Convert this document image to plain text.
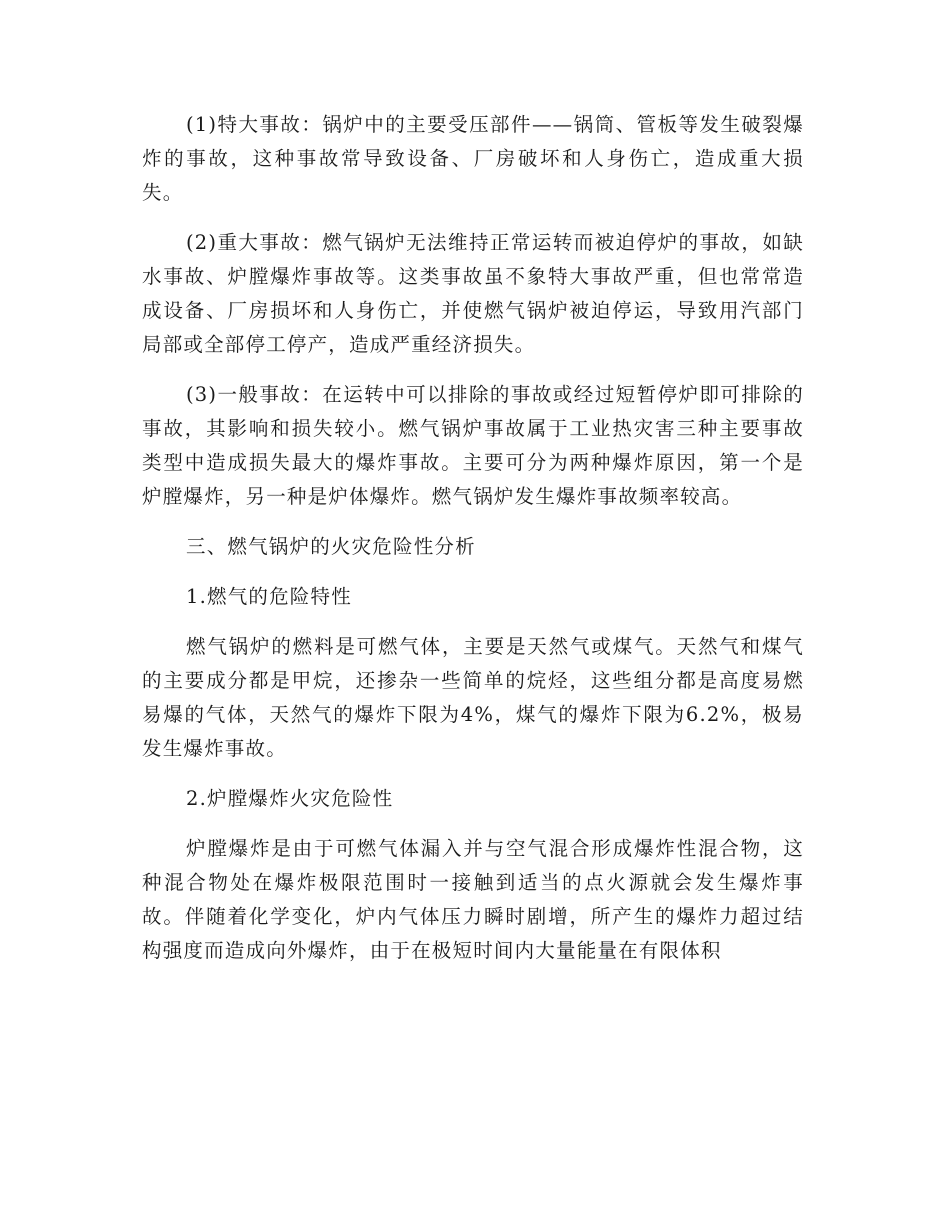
(1)特大事故：锅炉中的主要受压部件——锅筒、管板等发生破裂爆炸的事故，这种事故常导致设备、厂房破坏和人身伤亡，造成重大损失。

(2)重大事故：燃气锅炉无法维持正常运转而被迫停炉的事故，如缺水事故、炉膛爆炸事故等。这类事故虽不象特大事故严重，但也常常造成设备、厂房损坏和人身伤亡，并使燃气锅炉被迫停运，导致用汽部门局部或全部停工停产，造成严重经济损失。

(3)一般事故：在运转中可以排除的事故或经过短暂停炉即可排除的事故，其影响和损失较小。燃气锅炉事故属于工业热灾害三种主要事故类型中造成损失最大的爆炸事故。主要可分为两种爆炸原因，第一个是炉膛爆炸，另一种是炉体爆炸。燃气锅炉发生爆炸事故频率较高。

三、燃气锅炉的火灾危险性分析

1.燃气的危险特性

燃气锅炉的燃料是可燃气体，主要是天然气或煤气。天然气和煤气的主要成分都是甲烷，还掺杂一些简单的烷烃，这些组分都是高度易燃易爆的气体，天然气的爆炸下限为4%，煤气的爆炸下限为6.2%，极易发生爆炸事故。

2.炉膛爆炸火灾危险性

炉膛爆炸是由于可燃气体漏入并与空气混合形成爆炸性混合物，这种混合物处在爆炸极限范围时一接触到适当的点火源就会发生爆炸事故。伴随着化学变化，炉内气体压力瞬时剧增，所产生的爆炸力超过结构强度而造成向外爆炸，由于在极短时间内大量能量在有限体积
